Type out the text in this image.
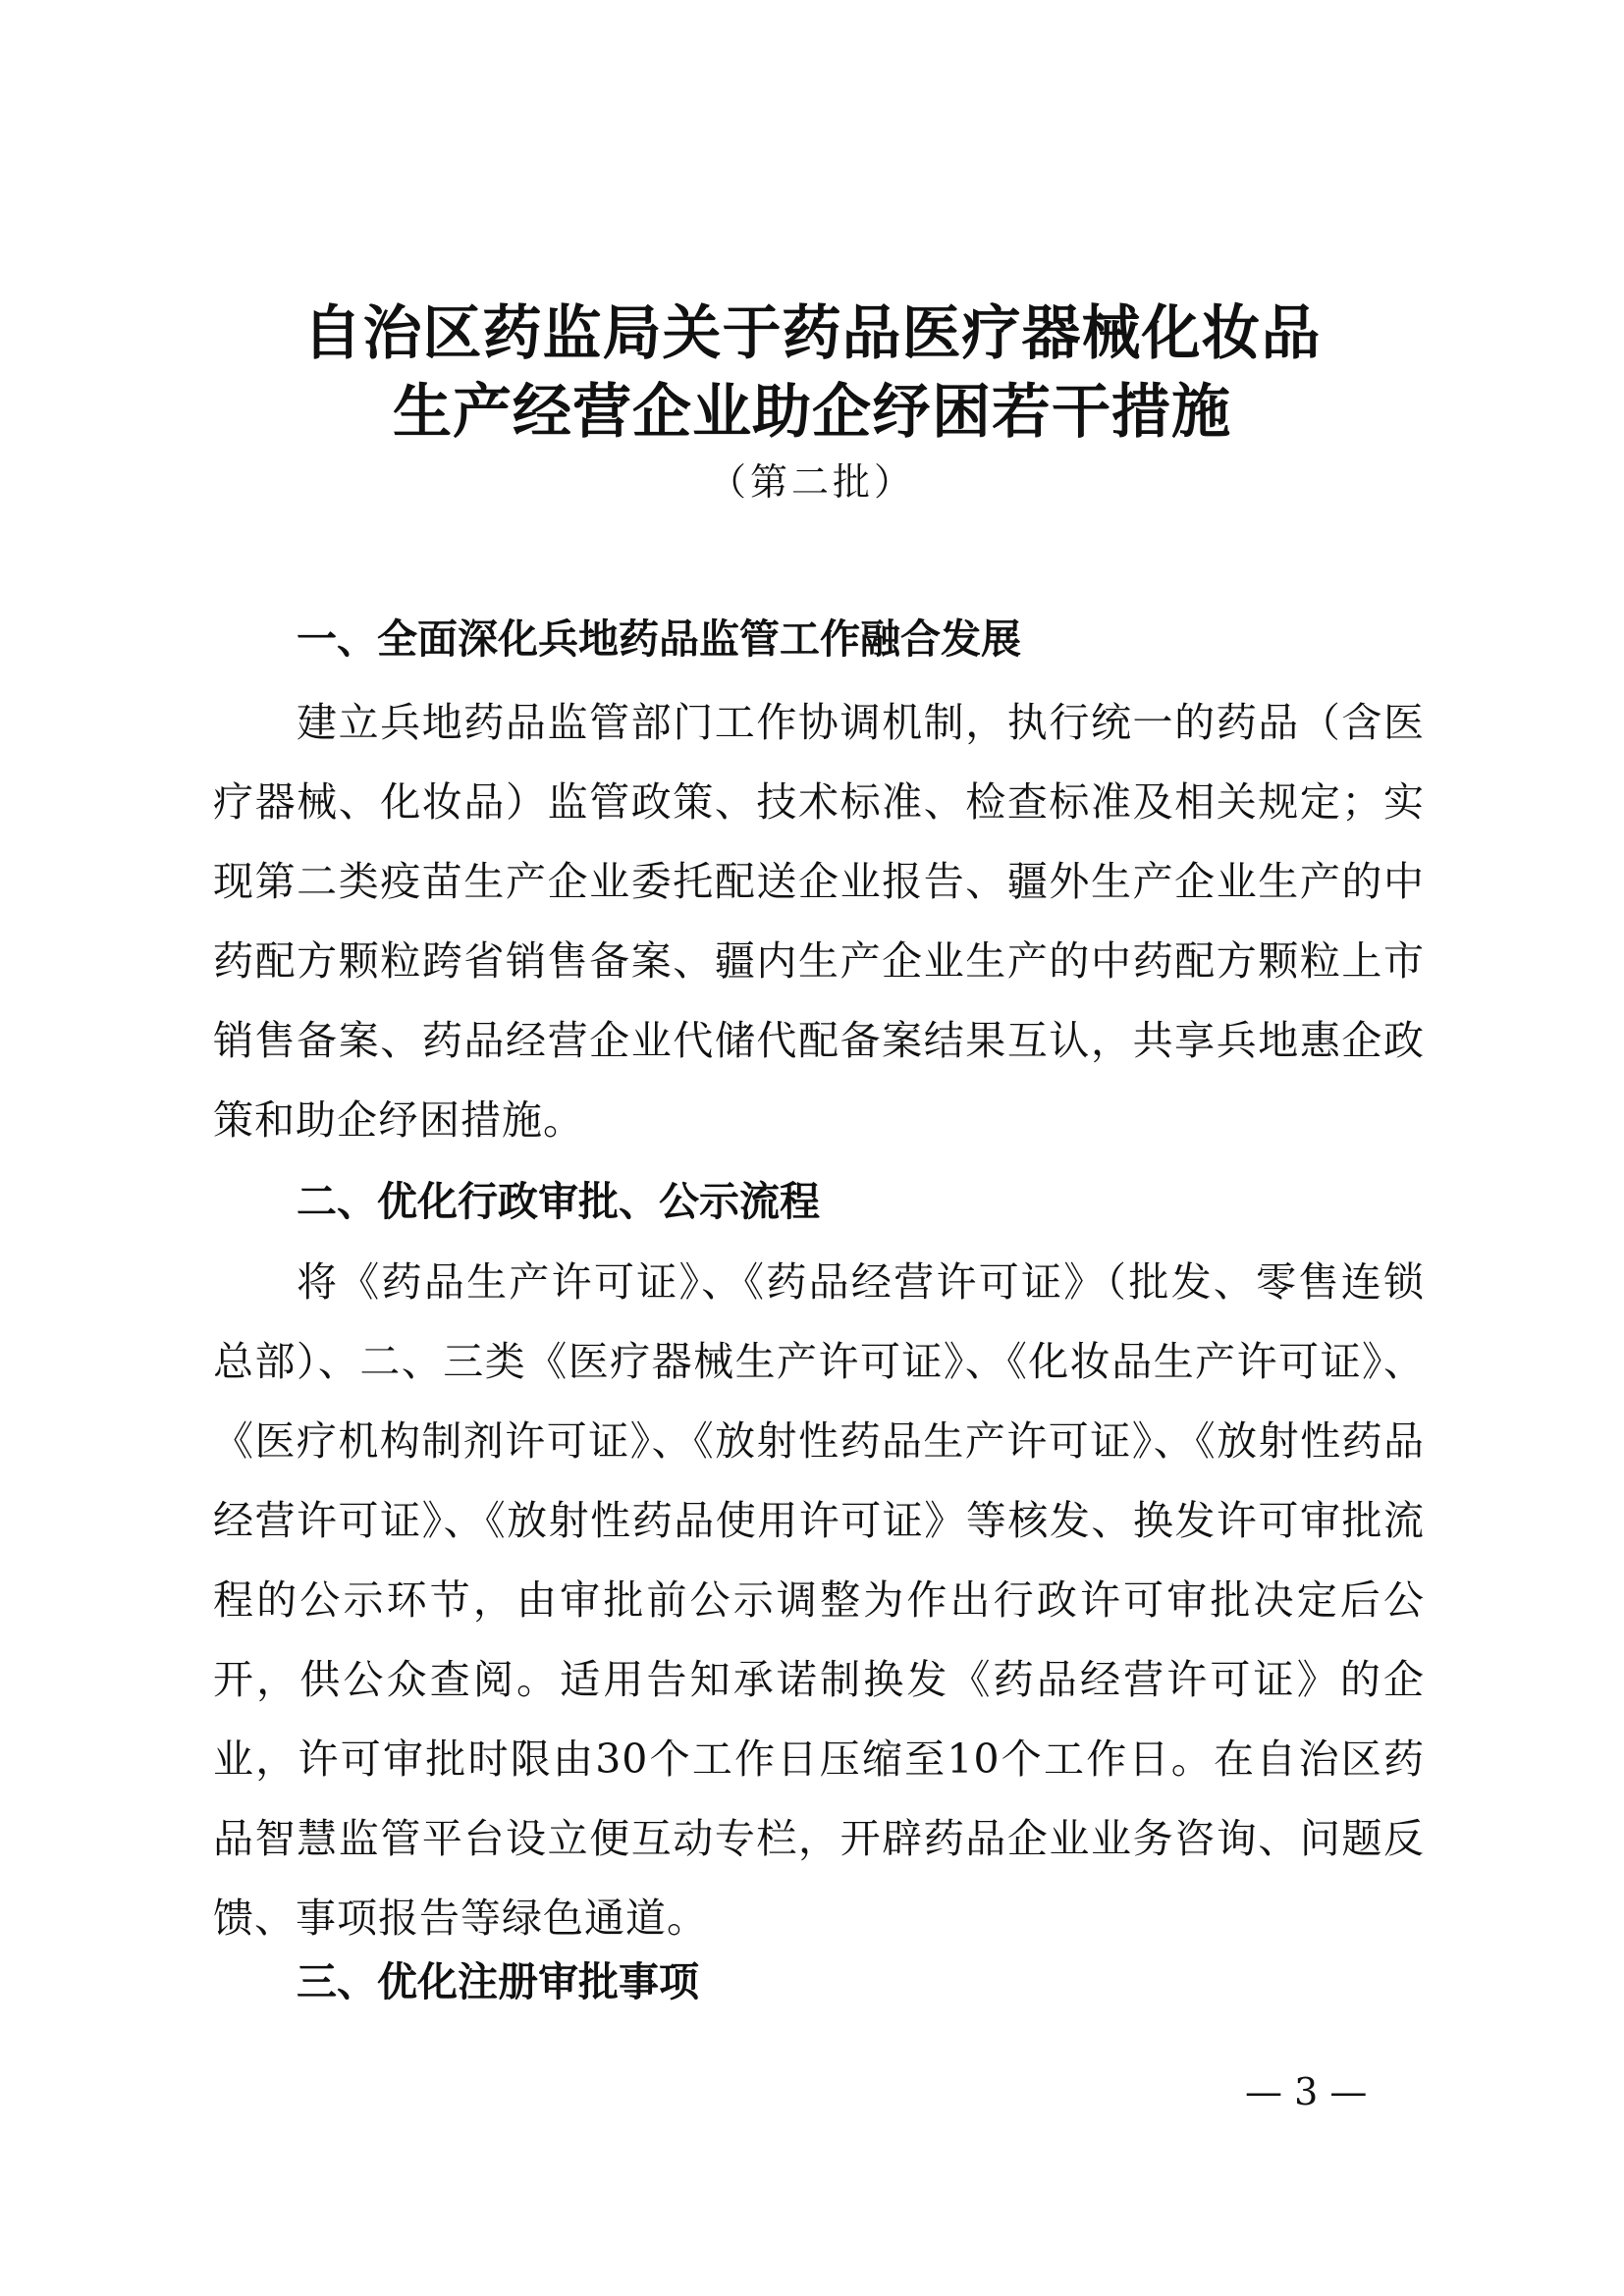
自治区药监局关于药品医疗器械化妆品
生产经营企业助企纾困若干措施
（第二批）
一、全面深化兵地药品监管工作融合发展

建立兵地药品监管部门工作协调机制，执行统一的药品（含医疗器械、化妆品）监管政策、技术标准、检查标准及相关规定；实现第二类疫苗生产企业委托配送企业报告、疆外生产企业生产的中药配方颗粒跨省销售备案、疆内生产企业生产的中药配方颗粒上市销售备案、药品经营企业代储代配备案结果互认，共享兵地惠企政策和助企纾困措施。

二、优化行政审批、公示流程

将《药品生产许可证》、《药品经营许可证》（批发、零售连锁总部）、二、三类《医疗器械生产许可证》、《化妆品生产许可证》、《医疗机构制剂许可证》、《放射性药品生产许可证》、《放射性药品经营许可证》、《放射性药品使用许可证》等核发、换发许可审批流程的公示环节，由审批前公示调整为作出行政许可审批决定后公开，供公众查阅。适用告知承诺制换发《药品经营许可证》的企业，许可审批时限由30个工作日压缩至10个工作日。在自治区药品智慧监管平台设立便互动专栏，开辟药品企业业务咨询、问题反馈、事项报告等绿色通道。

三、优化注册审批事项
— 3 —
